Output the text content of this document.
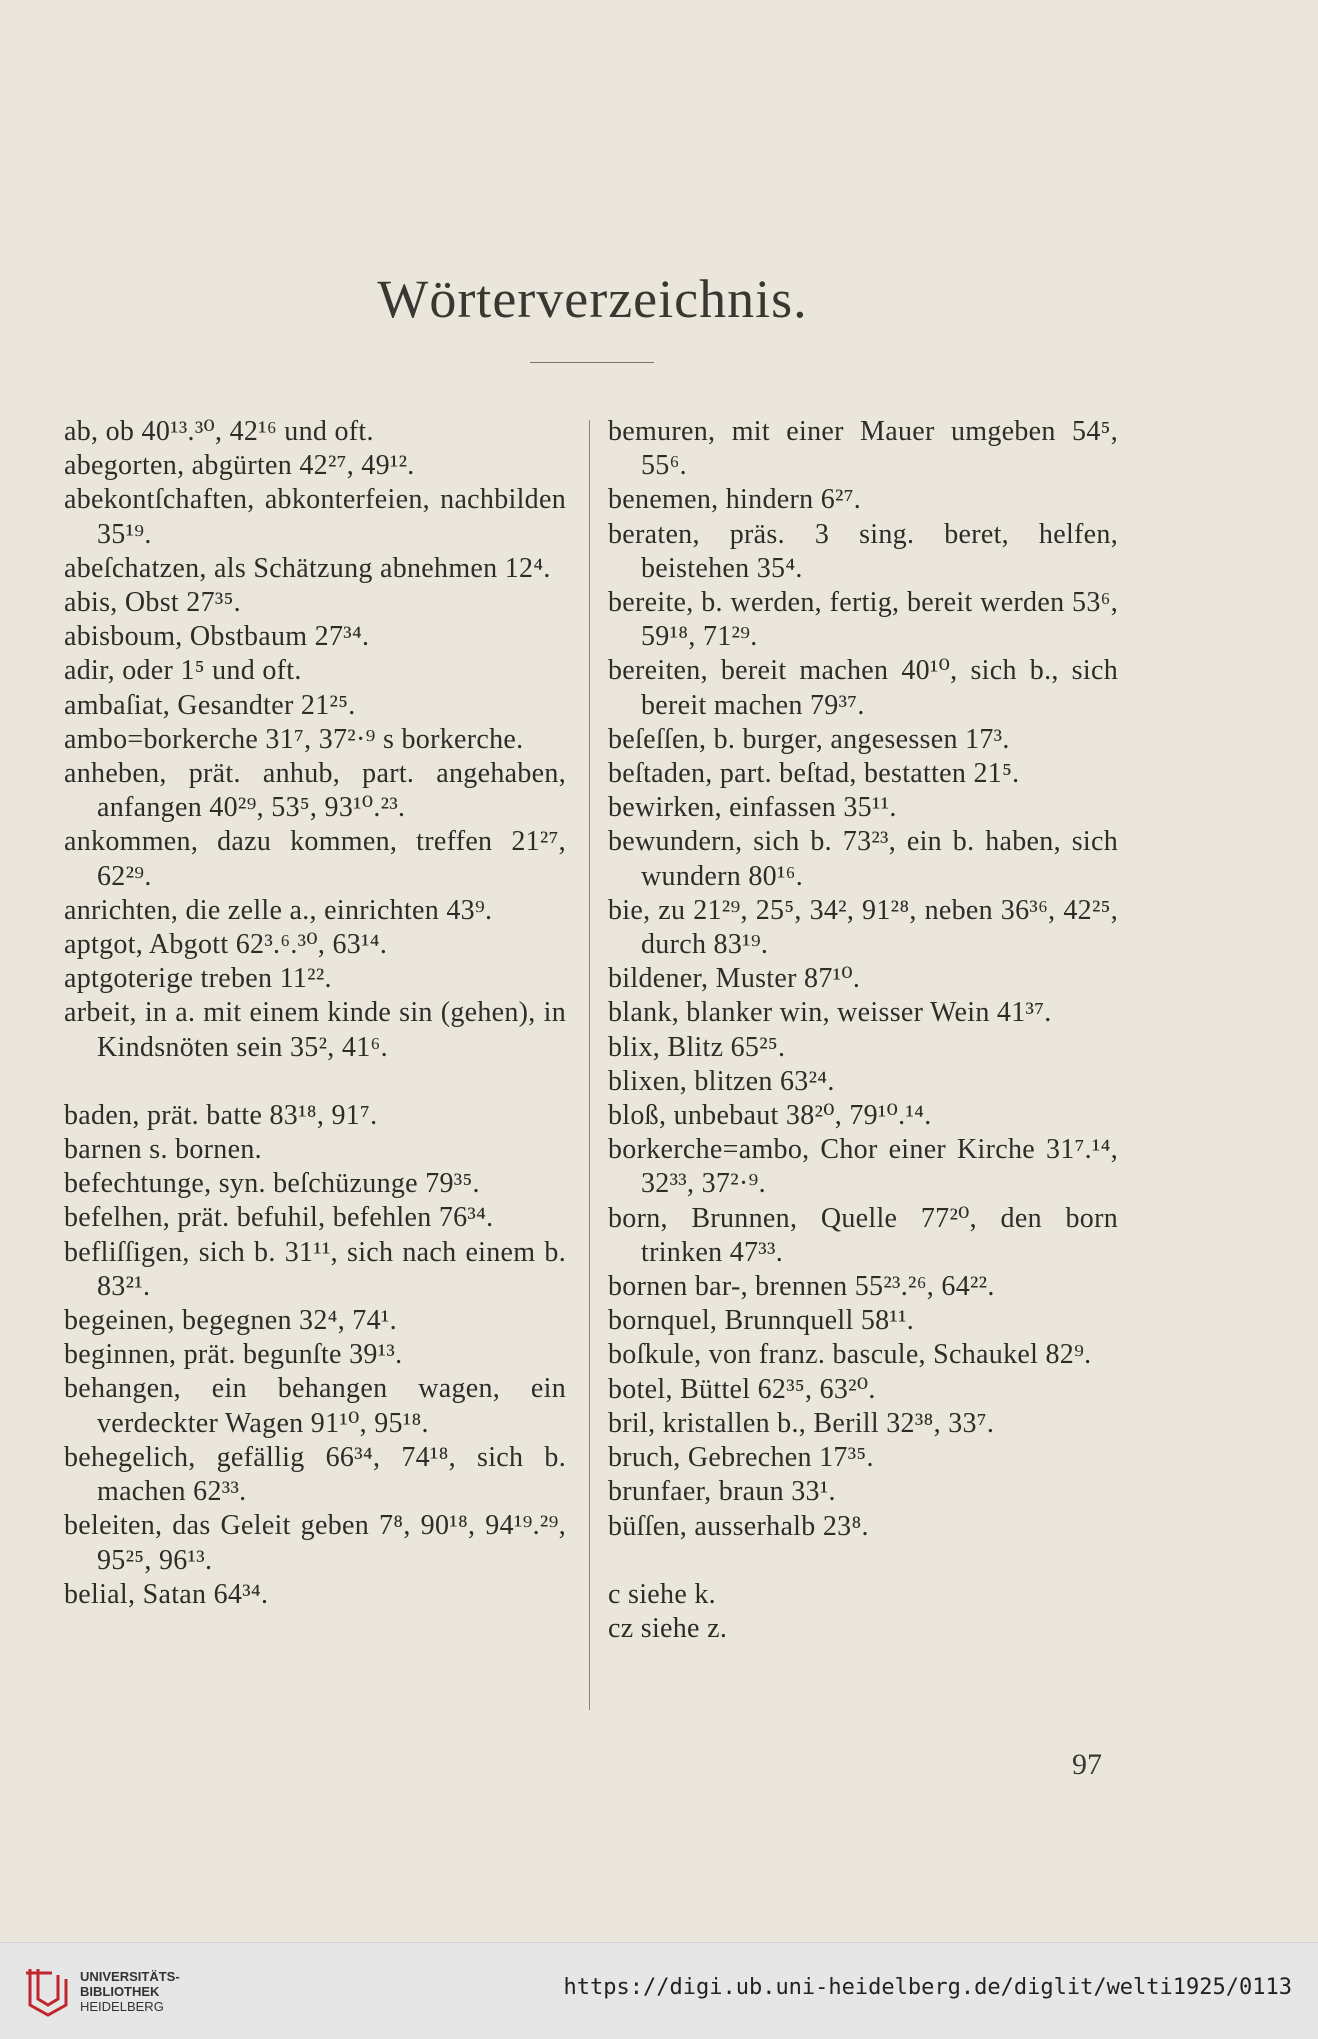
Wörterverzeichnis.

ab, ob 40¹³.³⁰, 42¹⁶ und oft.

abegorten, abgürten 42²⁷, 49¹².

abekontſchaften, abkonterfeien, nachbilden 35¹⁹.

abeſchatzen, als Schätzung abnehmen 12⁴.

abis, Obst 27³⁵.

abisboum, Obstbaum 27³⁴.

adir, oder 1⁵ und oft.

ambaſiat, Gesandter 21²⁵.

ambo=borkerche 31⁷, 37²·⁹ s borkerche.

anheben, prät. anhub, part. angehaben, anfangen 40²⁹, 53⁵, 93¹⁰.²³.

ankommen, dazu kommen, treffen 21²⁷, 62²⁹.

anrichten, die zelle a., einrichten 43⁹.

aptgot, Abgott 62³.⁶.³⁰, 63¹⁴.

aptgoterige treben 11²².

arbeit, in a. mit einem kinde sin (gehen), in Kindsnöten sein 35², 41⁶.

baden, prät. batte 83¹⁸, 91⁷.

barnen s. bornen.

befechtunge, syn. beſchüzunge 79³⁵.

befelhen, prät. befuhil, befehlen 76³⁴.

befliſſigen, sich b. 31¹¹, sich nach einem b. 83²¹.

begeinen, begegnen 32⁴, 74¹.

beginnen, prät. begunſte 39¹³.

behangen, ein behangen wagen, ein verdeckter Wagen 91¹⁰, 95¹⁸.

behegelich, gefällig 66³⁴, 74¹⁸, sich b. machen 62³³.

beleiten, das Geleit geben 7⁸, 90¹⁸, 94¹⁹.²⁹, 95²⁵, 96¹³.

belial, Satan 64³⁴.

bemuren, mit einer Mauer umgeben 54⁵, 55⁶.

benemen, hindern 6²⁷.

beraten, präs. 3 sing. beret, helfen, beistehen 35⁴.

bereite, b. werden, fertig, bereit werden 53⁶, 59¹⁸, 71²⁹.

bereiten, bereit machen 40¹⁰, sich b., sich bereit machen 79³⁷.

beſeſſen, b. burger, angesessen 17³.

beſtaden, part. beſtad, bestatten 21⁵.

bewirken, einfassen 35¹¹.

bewundern, sich b. 73²³, ein b. haben, sich wundern 80¹⁶.

bie, zu 21²⁹, 25⁵, 34², 91²⁸, neben 36³⁶, 42²⁵, durch 83¹⁹.

bildener, Muster 87¹⁰.

blank, blanker win, weisser Wein 41³⁷.

blix, Blitz 65²⁵.

blixen, blitzen 63²⁴.

bloß, unbebaut 38²⁰, 79¹⁰.¹⁴.

borkerche=ambo, Chor einer Kirche 31⁷.¹⁴, 32³³, 37²·⁹.

born, Brunnen, Quelle 77²⁰, den born trinken 47³³.

bornen bar-, brennen 55²³.²⁶, 64²².

bornquel, Brunnquell 58¹¹.

boſkule, von franz. bascule, Schaukel 82⁹.

botel, Büttel 62³⁵, 63²⁰.

bril, kristallen b., Berill 32³⁸, 33⁷.

bruch, Gebrechen 17³⁵.

brunfaer, braun 33¹.

büſſen, ausserhalb 23⁸.

c siehe k.

cz siehe z.

97
UNIVERSITÄTS-
BIBLIOTHEK
HEIDELBERG
https://digi.ub.uni-heidelberg.de/diglit/welti1925/0113
